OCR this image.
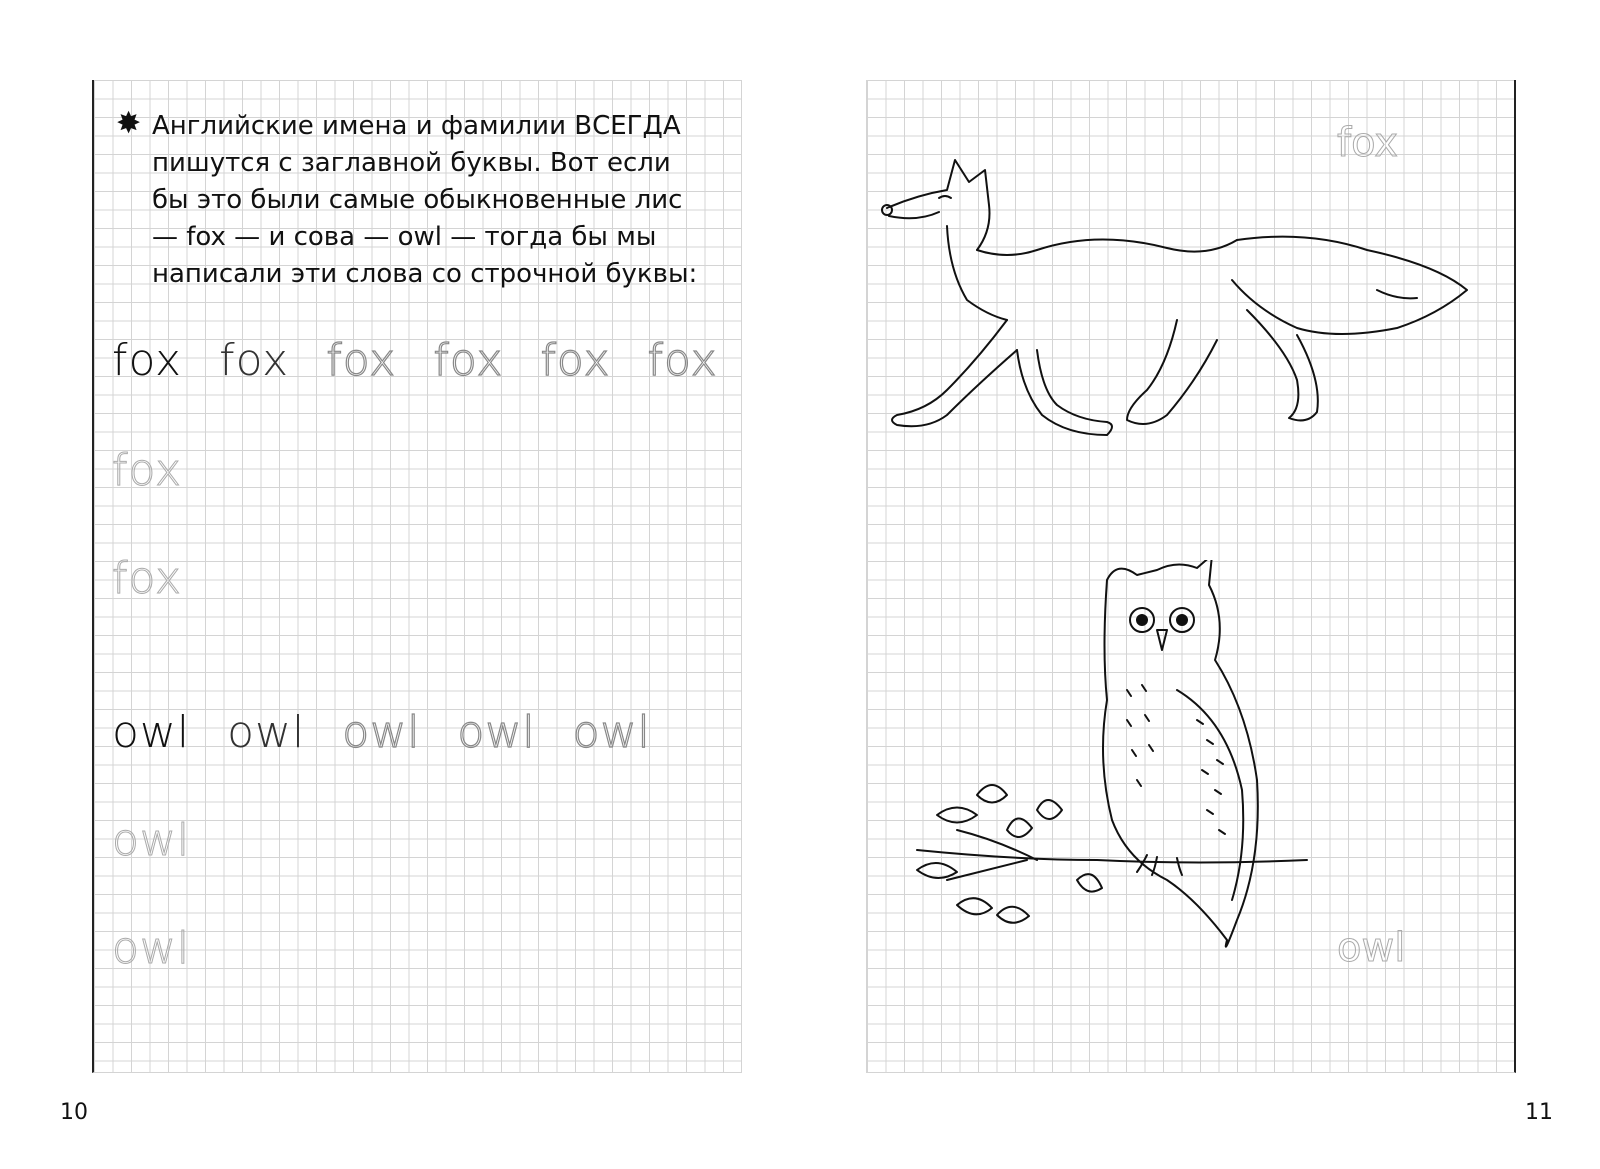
✸ Английские имена и фамилии ВСЕГДА пишутся с заглавной буквы. Вот если бы это были самые обыкновенные лис — fox — и сова — owl — тогда бы мы написали эти слова со строчной буквы:
fox fox fox fox fox fox
fox
fox
owl owl owl owl owl
owl
owl
fox
owl
10	11
